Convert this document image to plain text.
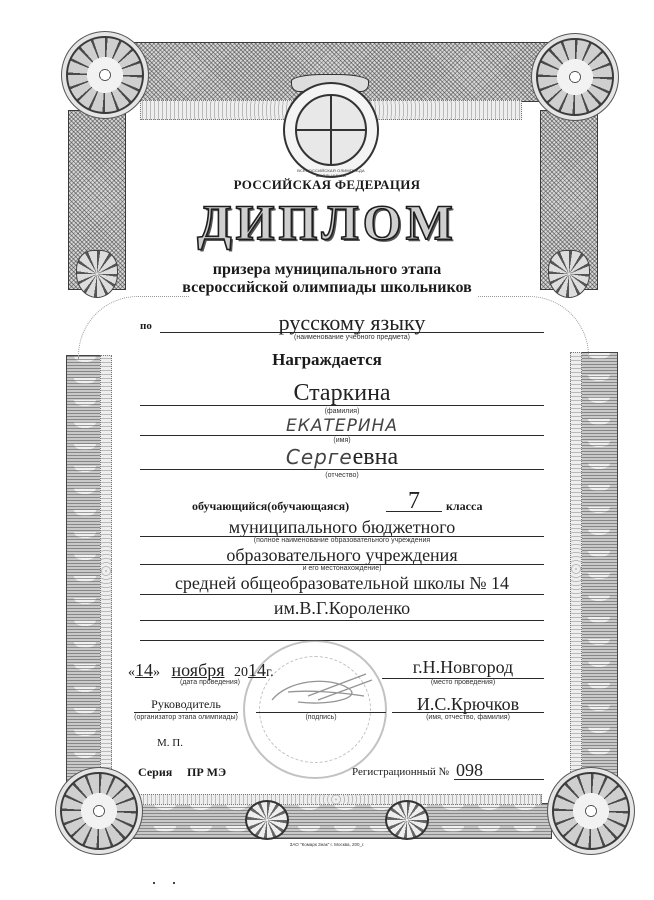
ВСЕРОССИЙСКАЯ ОЛИМПИАДА ШКОЛЬНИКОВ
РОССИЙСКАЯ ФЕДЕРАЦИЯ
ДИПЛОМ
призера муниципального этапа
всероссийской олимпиады школьников
по	русскому языку
(наименование учебного предмета)
Награждается
Старкина
(фамилия)
ЕКАТЕРИНА
(имя)
Сергеевна
(отчество)
обучающийся(обучающаяся)	7	класса
муниципального бюджетного
(полное наименование образовательного учреждения
образовательного учреждения
и его местонахождение)
средней общеобразовательной школы № 14
им.В.Г.Короленко
«14» ноября 2014г.
(дата проведения)
г.Н.Новгород
(место проведения)
Руководитель
(организатор этапа олимпиады)	(подпись)
И.С.Крючков
(имя, отчество, фамилия)
М. П.
Серия ПР МЭ	Регистрационный № 098
ЗАО "Комарк Знак" г. Москва, 200_г.
